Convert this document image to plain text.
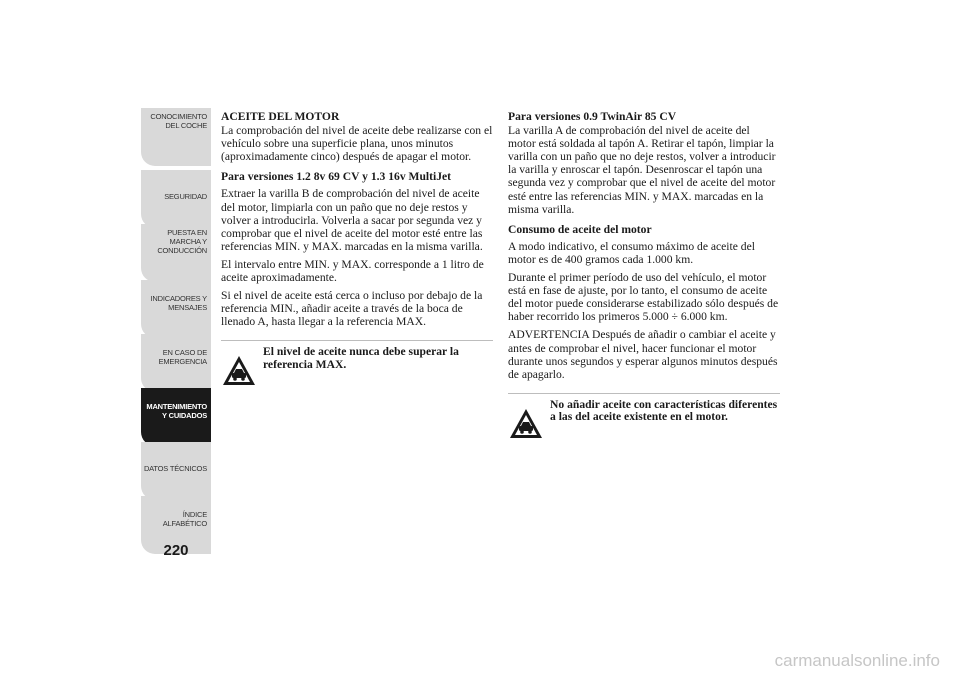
CONOCIMIENTO
DEL COCHE
SEGURIDAD
PUESTA EN
MARCHA Y
CONDUCCIÓN
INDICADORES Y
MENSAJES
EN CASO DE
EMERGENCIA
MANTENIMIENTO
Y CUIDADOS
DATOS TÉCNICOS
ÍNDICE
ALFABÉTICO
220
ACEITE DEL MOTOR

La comprobación del nivel de aceite debe realizarse con el vehículo sobre una superficie plana, unos minutos (aproximadamente cinco) después de apagar el motor.

Para versiones 1.2 8v 69 CV y 1.3 16v MultiJet

Extraer la varilla B de comprobación del nivel de aceite del motor, limpiarla con un paño que no deje restos y volver a introducirla. Volverla a sacar por segunda vez y comprobar que el nivel de aceite del motor esté entre las referencias MIN. y MAX. marcadas en la misma varilla.

El intervalo entre MIN. y MAX. corresponde a 1 litro de aceite aproximadamente.

Si el nivel de aceite está cerca o incluso por debajo de la referencia MIN., añadir aceite a través de la boca de llenado A, hasta llegar a la referencia MAX.

El nivel de aceite nunca debe superar la referencia MAX.
Para versiones 0.9 TwinAir 85 CV

La varilla A de comprobación del nivel de aceite del motor está soldada al tapón A. Retirar el tapón, limpiar la varilla con un paño que no deje restos, volver a introducir la varilla y enroscar el tapón. Desenroscar el tapón una segunda vez y comprobar que el nivel de aceite del motor esté entre las referencias MIN. y MAX. marcadas en la misma varilla.

Consumo de aceite del motor

A modo indicativo, el consumo máximo de aceite del motor es de 400 gramos cada 1.000 km.

Durante el primer período de uso del vehículo, el motor está en fase de ajuste, por lo tanto, el consumo de aceite del motor puede considerarse estabilizado sólo después de haber recorrido los primeros 5.000 ÷ 6.000 km.

ADVERTENCIA Después de añadir o cambiar el aceite y antes de comprobar el nivel, hacer funcionar el motor durante unos segundos y esperar algunos minutos después de apagarlo.

No añadir aceite con características diferentes a las del aceite existente en el motor.
carmanualsonline.info
